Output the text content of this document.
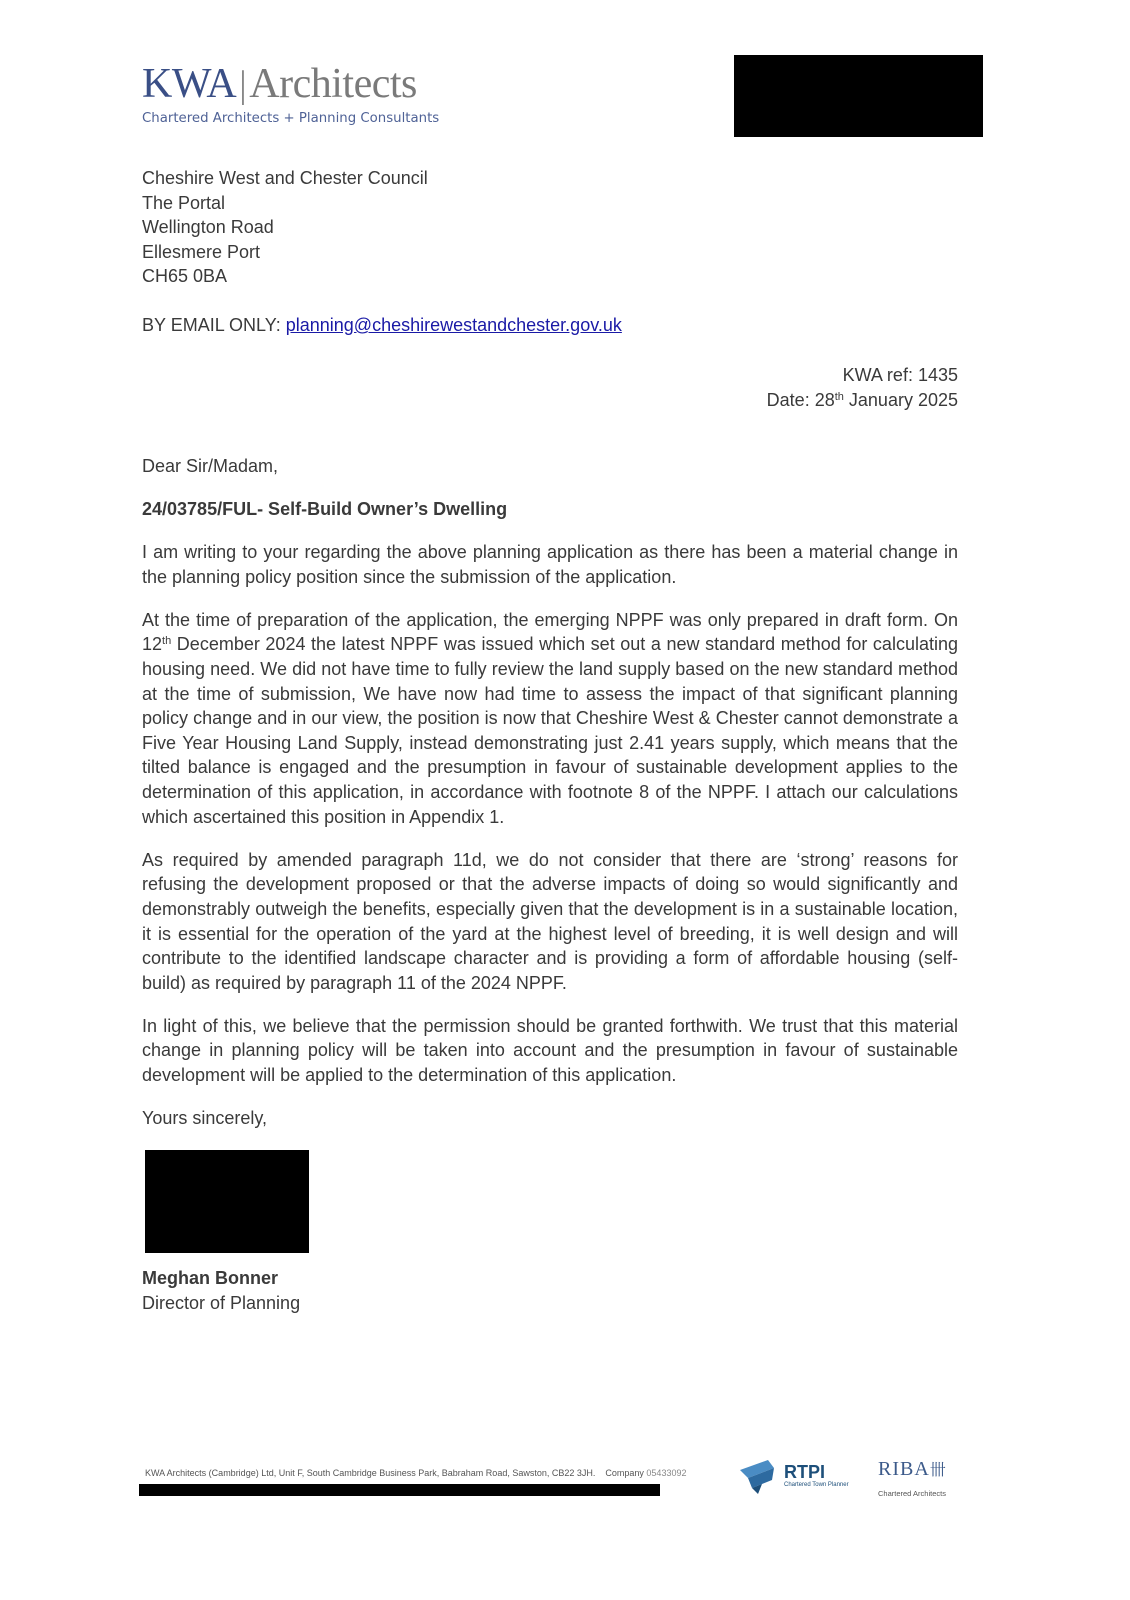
KWA|Architects
Chartered Architects + Planning Consultants
Cheshire West and Chester Council
The Portal
Wellington Road
Ellesmere Port
CH65 0BA
BY EMAIL ONLY: planning@cheshirewestandchester.gov.uk
KWA ref: 1435
Date: 28th January 2025

Dear Sir/Madam,

24/03785/FUL- Self-Build Owner’s Dwelling

I am writing to your regarding the above planning application as there has been a material change in the planning policy position since the submission of the application.

At the time of preparation of the application, the emerging NPPF was only prepared in draft form. On 12th December 2024 the latest NPPF was issued which set out a new standard method for calculating housing need. We did not have time to fully review the land supply based on the new standard method at the time of submission, We have now had time to assess the impact of that significant planning policy change and in our view, the position is now that Cheshire West & Chester cannot demonstrate a Five Year Housing Land Supply, instead demonstrating just 2.41 years supply, which means that the tilted balance is engaged and the presumption in favour of sustainable development applies to the determination of this application, in accordance with footnote 8 of the NPPF. I attach our calculations which ascertained this position in Appendix 1.

As required by amended paragraph 11d, we do not consider that there are ‘strong’ reasons for refusing the development proposed or that the adverse impacts of doing so would significantly and demonstrably outweigh the benefits, especially given that the development is in a sustainable location, it is essential for the operation of the yard at the highest level of breeding, it is well design and will contribute to the identified landscape character and is providing a form of affordable housing (self-build) as required by paragraph 11 of the 2024 NPPF.

In light of this, we believe that the permission should be granted forthwith. We trust that this material change in planning policy will be taken into account and the presumption in favour of sustainable development will be applied to the determination of this application.

Yours sincerely,

Meghan Bonner
Director of Planning
KWA Architects (Cambridge) Ltd, Unit F, South Cambridge Business Park, Babraham Road, Sawston, CB22 3JH. Company 05433092	RTPI
Chartered Town Planner
RIBA卌
Chartered Architects
